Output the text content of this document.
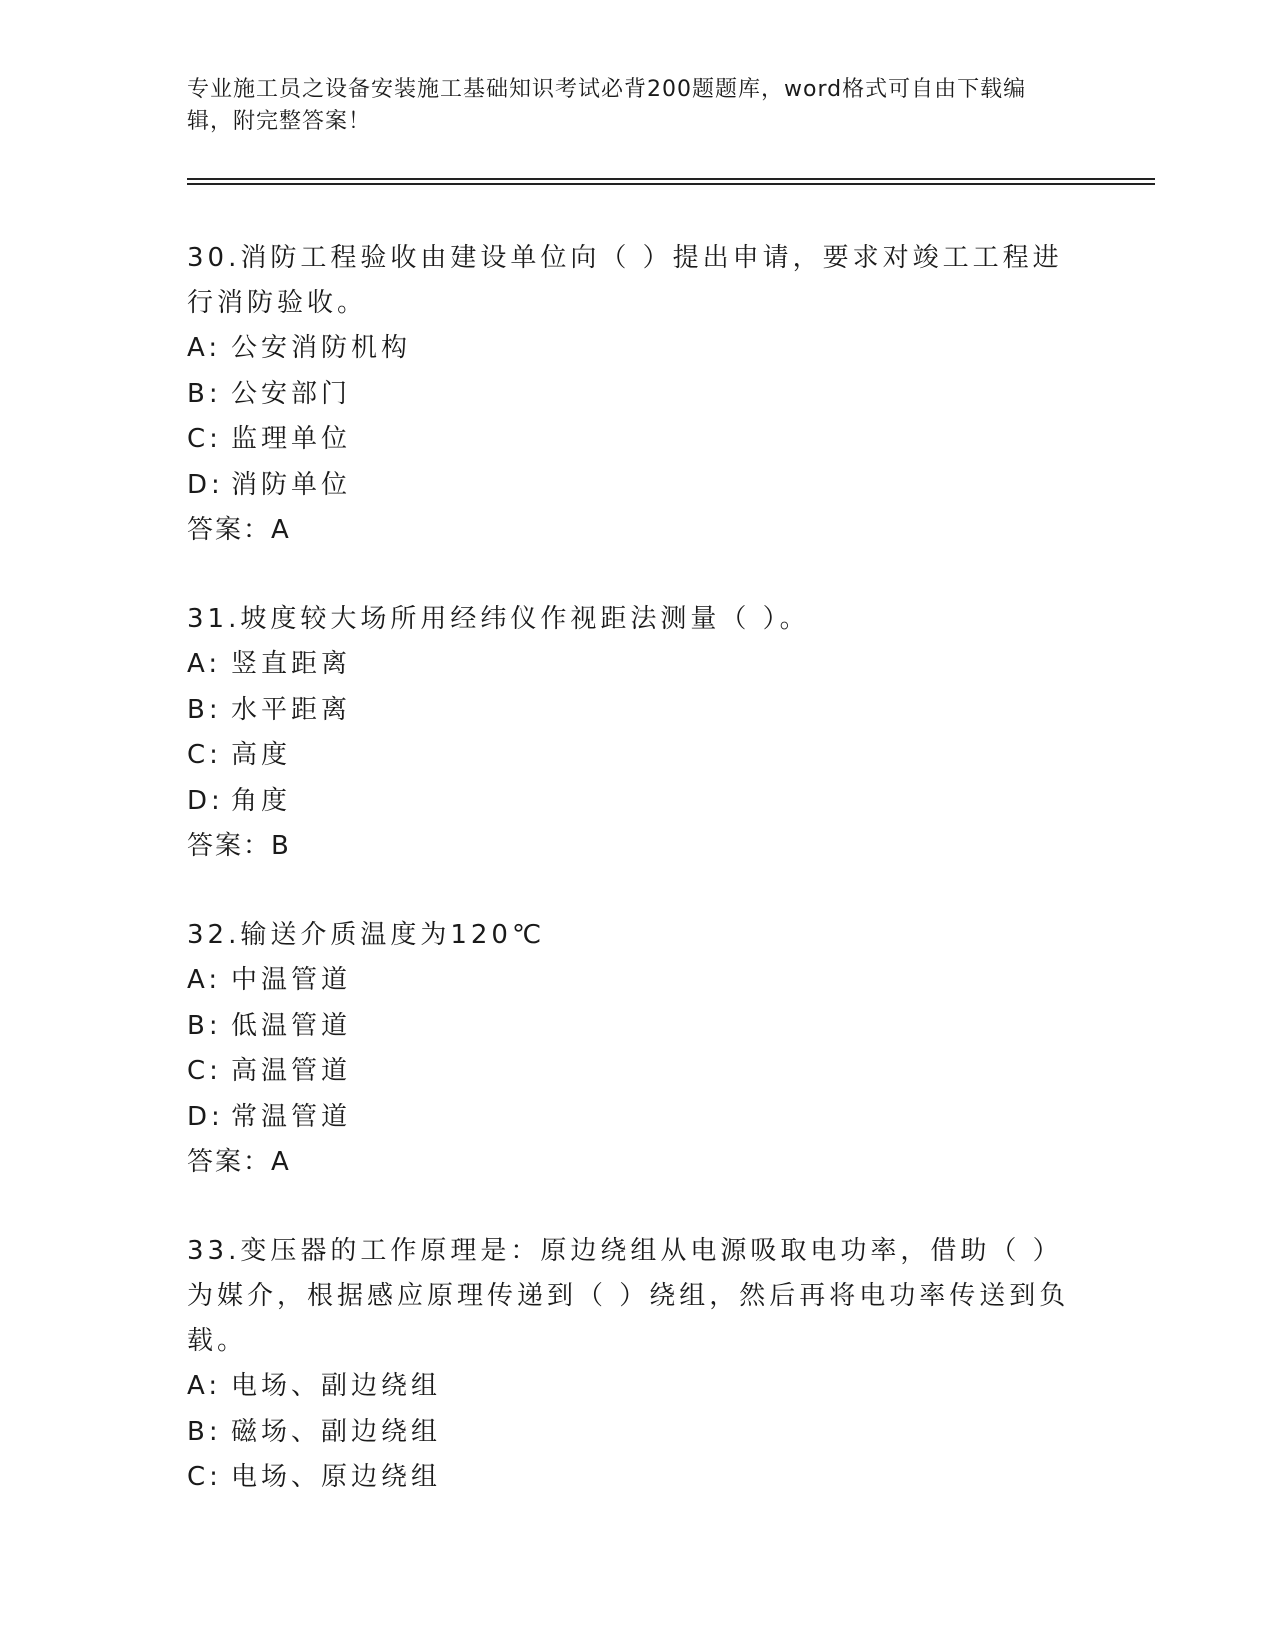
专业施工员之设备安装施工基础知识考试必背200题题库，word格式可自由下载编辑，附完整答案！

30.消防工程验收由建设单位向（ ）提出申请，要求对竣工工程进行消防验收。

A: 公安消防机构
B: 公安部门
C: 监理单位
D: 消防单位
答案：A

31.坡度较大场所用经纬仪作视距法测量（ ）。

A: 竖直距离
B: 水平距离
C: 高度
D: 角度
答案：B

32.输送介质温度为120℃

A: 中温管道
B: 低温管道
C: 高温管道
D: 常温管道
答案：A

33.变压器的工作原理是：原边绕组从电源吸取电功率，借助（ ）为媒介，根据感应原理传递到（ ）绕组，然后再将电功率传送到负载。

A: 电场、副边绕组
B: 磁场、副边绕组
C: 电场、原边绕组
